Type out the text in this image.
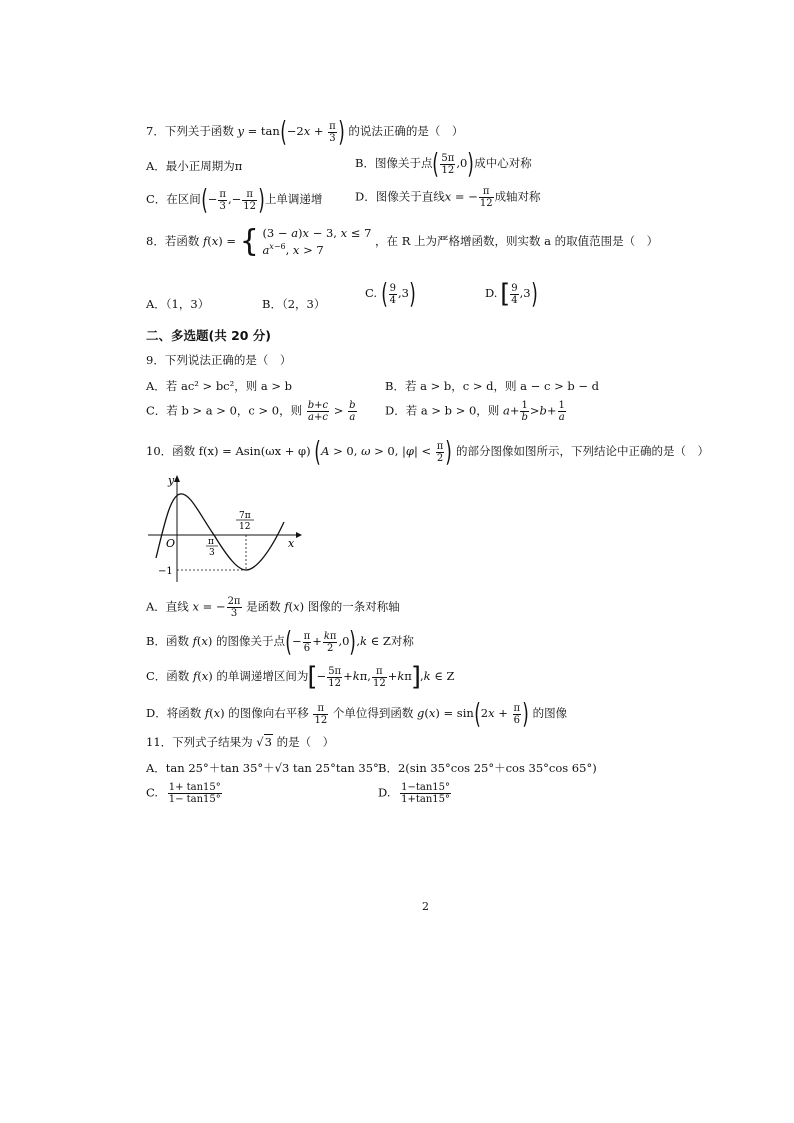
7．下列关于函数 $y = \tan(-2x + \frac{\pi}{3}$ ) 的说法正确的是（　）
A．最小正周期为π	B．图像关于点( $\frac{5\pi}{12} ,0$)成中心对称
C．在区间(− $\frac{\pi}{3}$ ,− $\frac{\pi}{12}$ )上单调递增	D．图像关于直线x = − $\frac{\pi}{12}$ 成轴对称
8．若函数 f(x) = { (3 − a)x − 3, x ≤ 7
$a^{x-6}$, x > 7
，在 R 上为严格增函数，则实数 a 的取值范围是（　）
A．（1，3）	B．（2，3）
C. ( $\frac{9}{4} ,3$)	D. [ $\frac{9}{4} ,3$)
二、多选题(共 20 分)
9．下列说法正确的是（　）
A．若 ac² > bc²，则 a > b	B．若 a > b，c > d，则 a − c > b − d
C．若 b > a > 0，c > 0，则 $\frac{b+c}{a+c} > \frac{b}{a}$ D．若 a > b > 0，则 $a+ \frac{1}{b} >b+ \frac{1}{a}$
10．函数 f(x) = Asin(ωx + φ) (A > 0, ω > 0, $|\varphi| < \frac{\pi}{2}$ ) 的部分图像如图所示，下列结论中正确的是（　）
y
x
O
−1
π
3
7π
12
A．直线 x = − $\frac{2\pi}{3}$ 是函数 f(x) 图像的一条对称轴
B．函数 f(x) 的图像关于点(− $\frac{\pi}{6} + \frac{k\pi}{2} ,0),k$ ∈ Z对称
C．函数 f(x) 的单调递增区间为[− $\frac{5\pi}{12} +k\pi$, $\frac{\pi}{12} +k\pi],k$ ∈ Z
D．将函数 f(x) 的图像向右平移 $\frac{\pi}{12}$ 个单位得到函数 $g(x) = \sin(2x + \frac{\pi}{6}$ ) 的图像
11．下列式子结果为 √3 的是（　）
A．tan 25°＋tan 35°＋√3 tan 25°tan 35° B．2(sin 35°cos 25°＋cos 35°cos 65°)
C. $\frac{1+ \tan 15^\circ}{1- \tan 15^\circ}$	D. $\frac{1-\tan 15^\circ}{1+\tan 15^\circ}$
2
